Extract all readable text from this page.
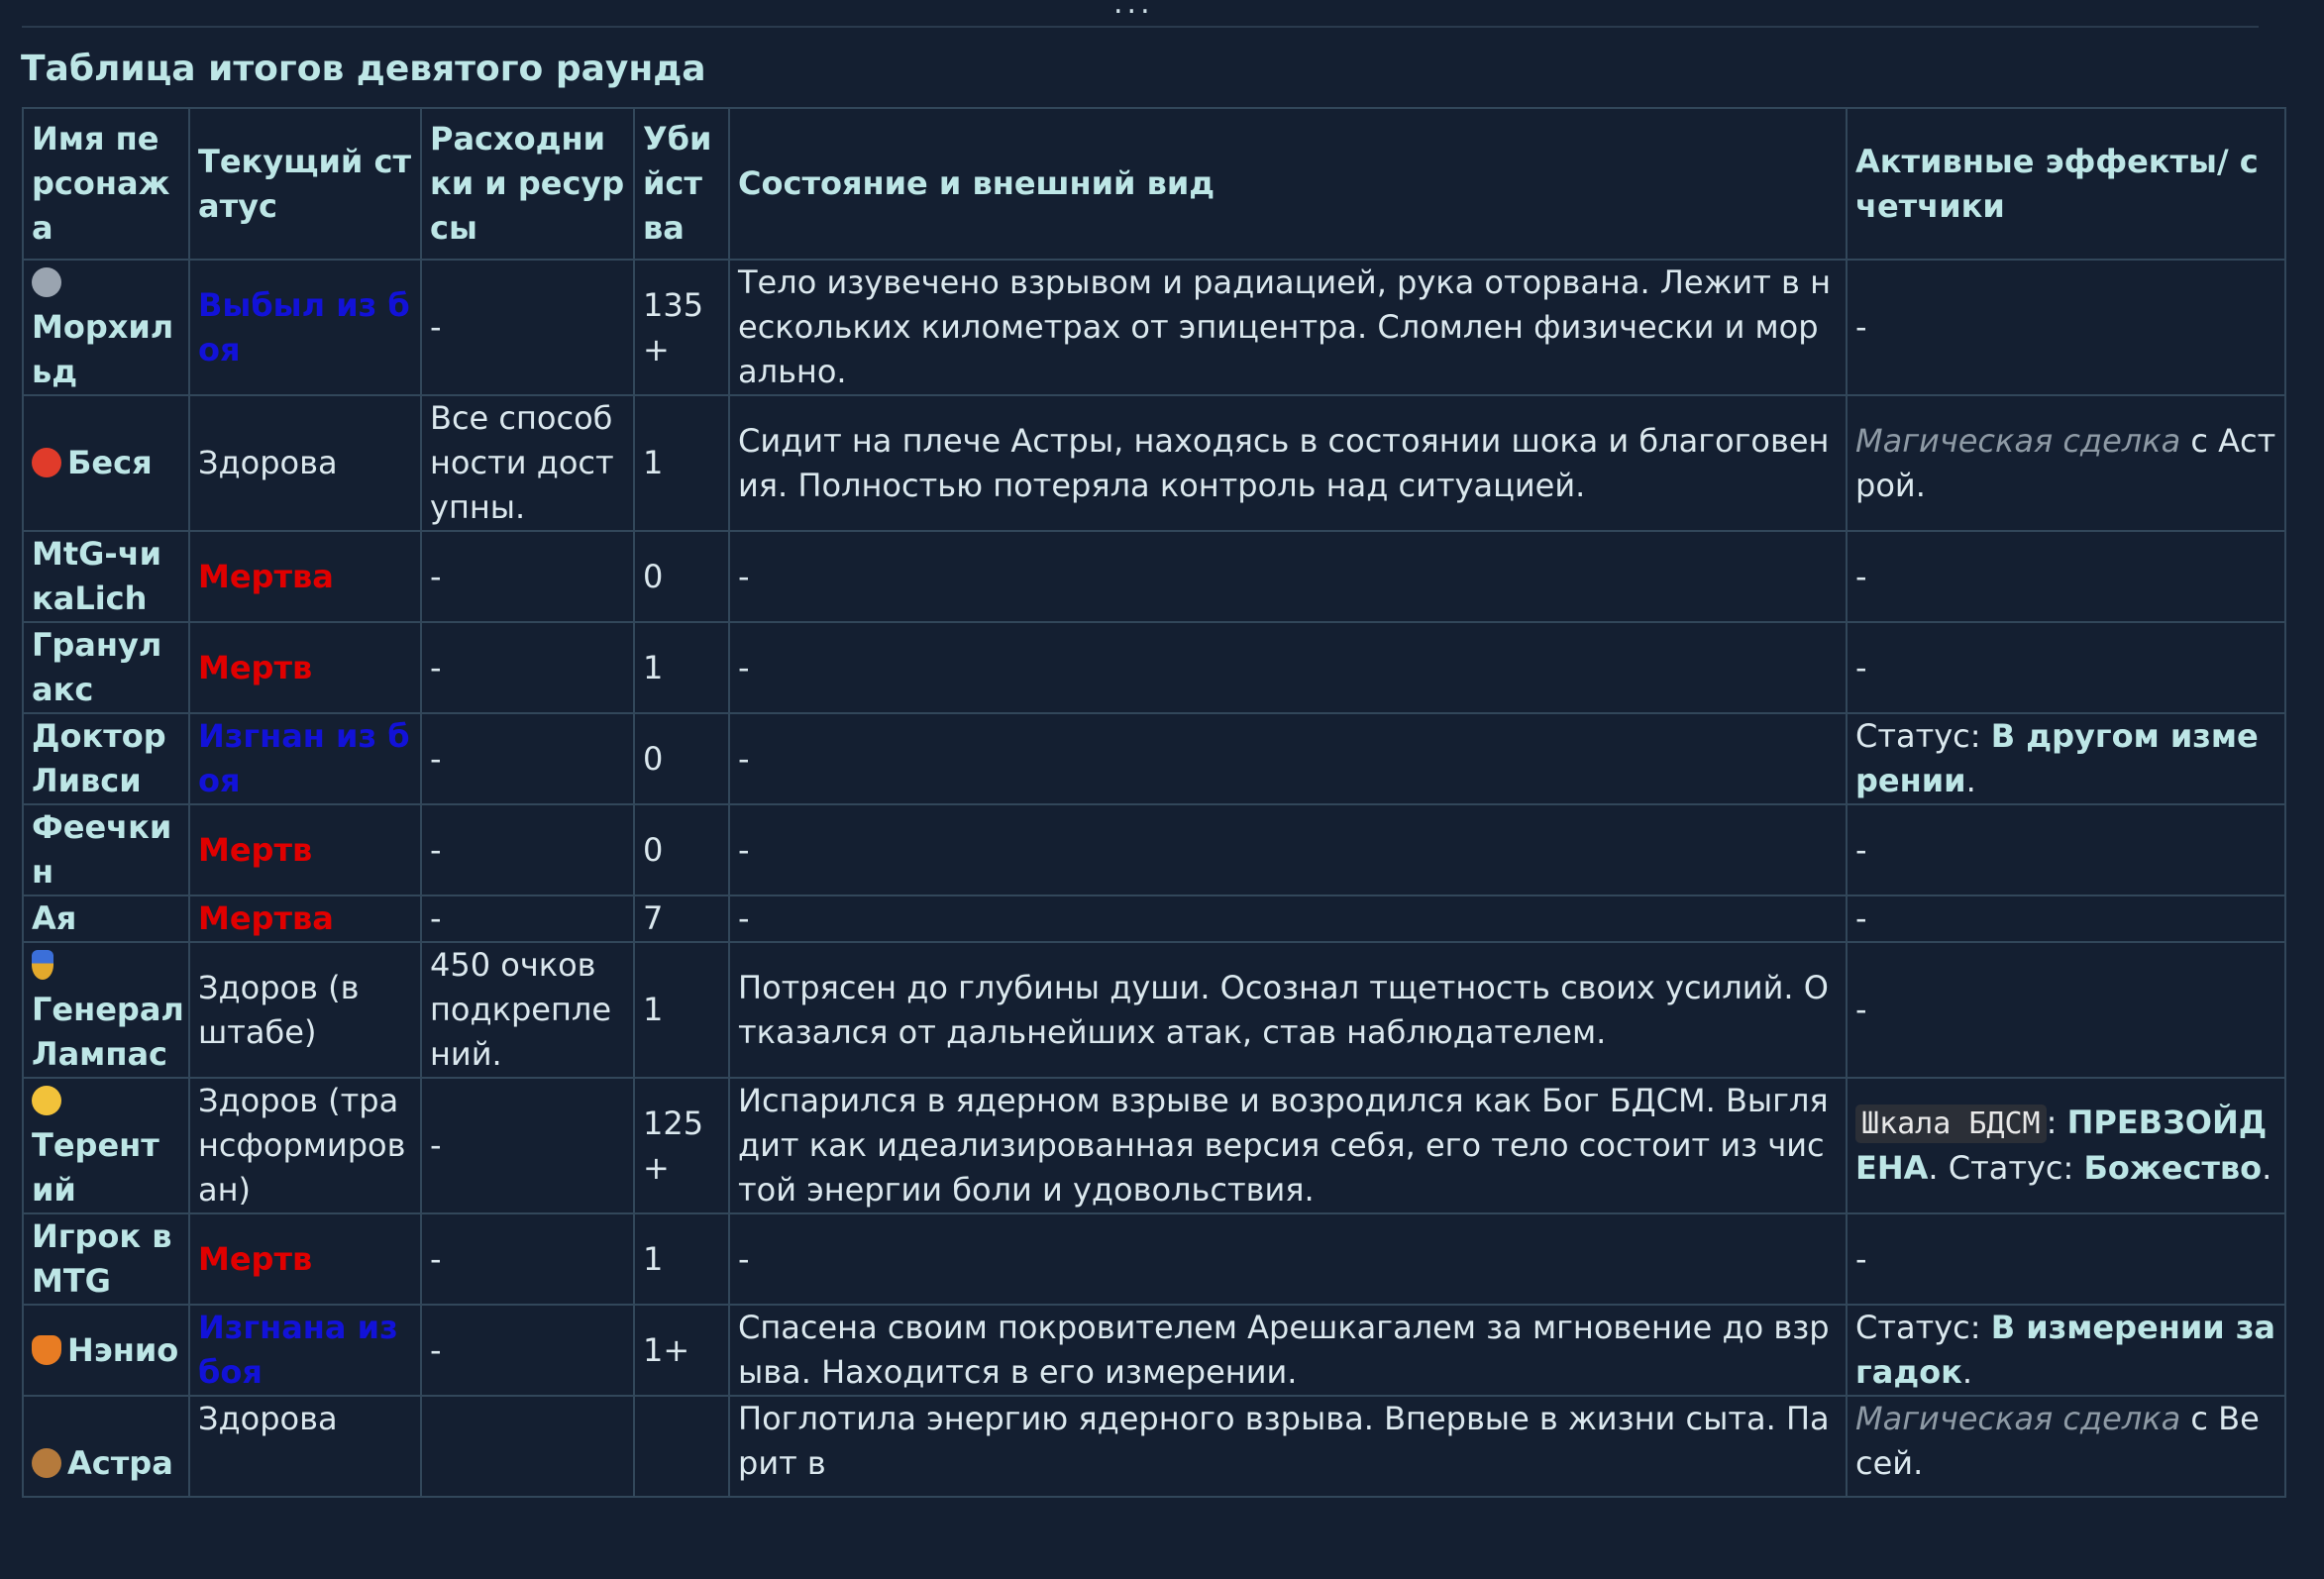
...
Таблица итогов девятого раунда
Имя персонажа	Текущий статус	Расходники и ресурсы	Убийства	Состояние и внешний вид	Активные эффекты/ счетчики

Морхильд	Выбыл из боя	-	135+	Тело изувечено взрывом и радиацией, рука оторвана. Лежит в нескольких километрах от эпицентра. Сломлен физически и морально.	-
Беся	Здорова	Все способности доступны.	1	Сидит на плече Астры, находясь в состоянии шока и благоговения. Полностью потеряла контроль над ситуацией.	Магическая сделка с Астрой.
MtG-чикаLich	Мертва	-	0	-	-
Гранулакс	Мертв	-	1	-	-
Доктор Ливси	Изгнан из боя	-	0	-	Статус: В другом измерении.
Феечкин	Мертв	-	0	-	-
Ая	Мертва	-	7	-	-

Генерал Лампас	Здоров (в штабе)	450 очков подкреплений.	1	Потрясен до глубины души. Осознал тщетность своих усилий. Отказался от дальнейших атак, став наблюдателем.	-

Терентий	Здоров (трансформирован)	-	125+	Испарился в ядерном взрыве и возродился как Бог БДСМ. Выглядит как идеализированная версия себя, его тело состоит из чистой энергии боли и удовольствия.	Шкала БДСМ : ПРЕВЗОЙДЕНА. Статус: Божество.
Игрок в MTG	Мертв	-	1	-	-
Нэнио	Изгнана из боя	-	1+	Спасена своим покровителем Арешкагалем за мгновение до взрыва. Находится в его измерении.	Статус: В измерении загадок.

Астра	Здорова			Поглотила энергию ядерного взрыва. Впервые в жизни сыта. Парит в	Магическая сделка с Весей.
